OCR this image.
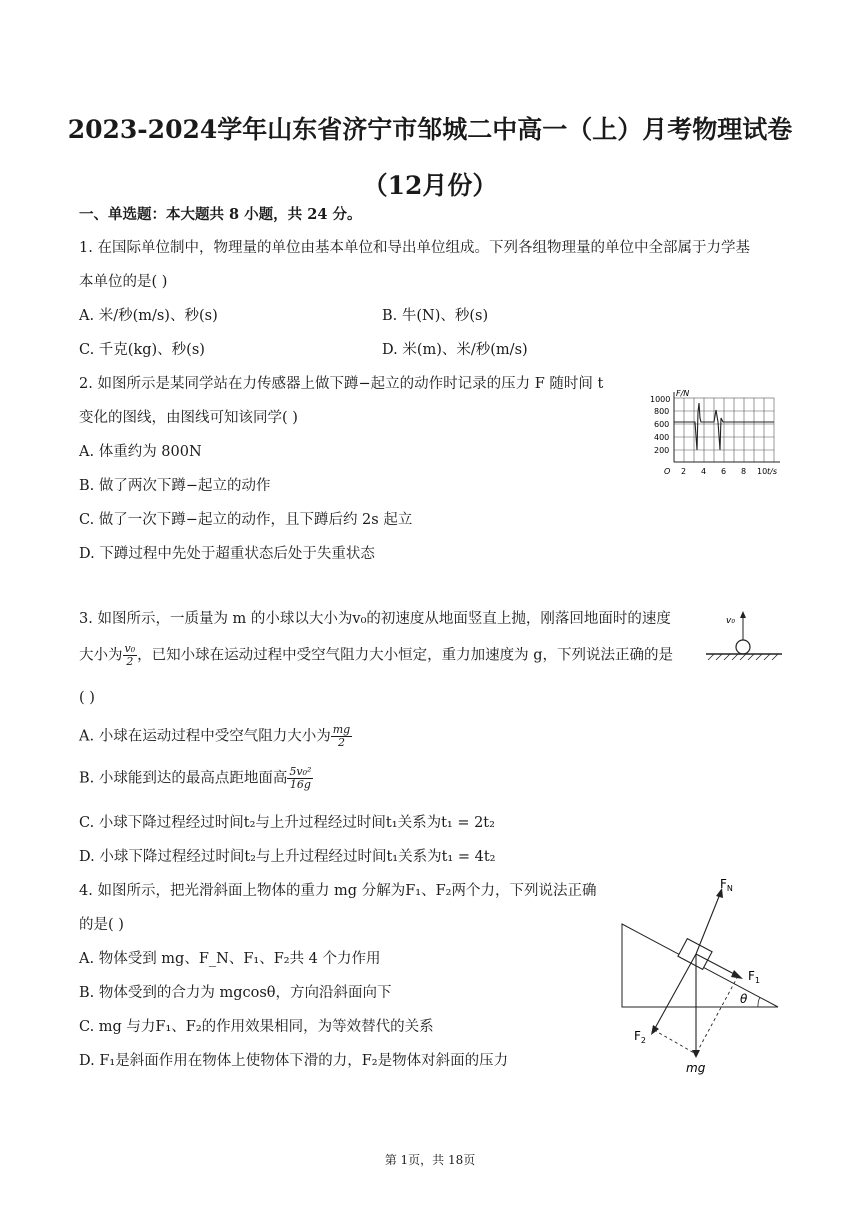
2023-2024学年山东省济宁市邹城二中高一（上）月考物理试卷（12月份）
一、单选题：本大题共 8 小题，共 24 分。
1. 在国际单位制中，物理量的单位由基本单位和导出单位组成。下列各组物理量的单位中全部属于力学基
本单位的是( )
A. 米/秒(m/s)、秒(s)	B. 牛(N)、秒(s)
C. 千克(kg)、秒(s)	D. 米(m)、米/秒(m/s)
2. 如图所示是某同学站在力传感器上做下蹲−起立的动作时记录的压力 F 随时间 t
变化的图线，由图线可知该同学( )
A. 体重约为 800N
B. 做了两次下蹲−起立的动作
C. 做了一次下蹲−起立的动作，且下蹲后约 2s 起立
D. 下蹲过程中先处于超重状态后处于失重状态
1000
800
600
400
200
F/N
O 2 4 6 8 10 t/s
3. 如图所示，一质量为 m 的小球以大小为v₀的初速度从地面竖直上抛，刚落回地面时的速度
大小为 $\frac{\text{v₀}}{2}$ ，已知小球在运动过程中受空气阻力大小恒定，重力加速度为 g，下列说法正确的是
( )
A. 小球在运动过程中受空气阻力大小为 $\frac{mg}{2}$
B. 小球能到达的最高点距地面高 $\frac{\text{5v₀²}}{16g}$
C. 小球下降过程经过时间t₂与上升过程经过时间t₁关系为t₁ = 2t₂
D. 小球下降过程经过时间t₂与上升过程经过时间t₁关系为t₁ = 4t₂
v₀
4. 如图所示，把光滑斜面上物体的重力 mg 分解为F₁、F₂两个力，下列说法正确
的是( )
A. 物体受到 mg、F_N、F₁、F₂共 4 个力作用
B. 物体受到的合力为 mgcosθ，方向沿斜面向下
C. mg 与力F₁、F₂的作用效果相同，为等效替代的关系
D. F₁是斜面作用在物体上使物体下滑的力，F₂是物体对斜面的压力
θ
$F_N$
$F_1$
mg
$F_2$
第 1页，共 18页
